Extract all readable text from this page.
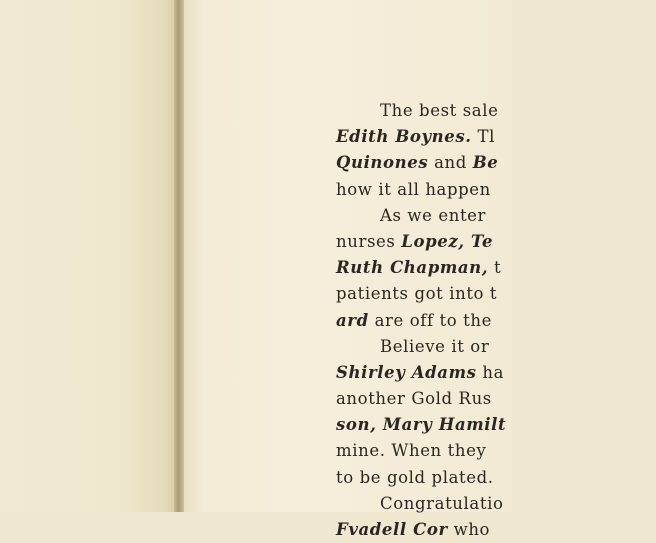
The best sale
Edith Boynes. Tl
Quinones and Be
how it all happen
As we enter
nurses Lopez, Te
Ruth Chapman, t
patients got into t
ard are off to the
Believe it or
Shirley Adams ha
another Gold Rus
son, Mary Hamilt
mine. When they
to be gold plated.
Congratulatio
Fvadell Cor who
